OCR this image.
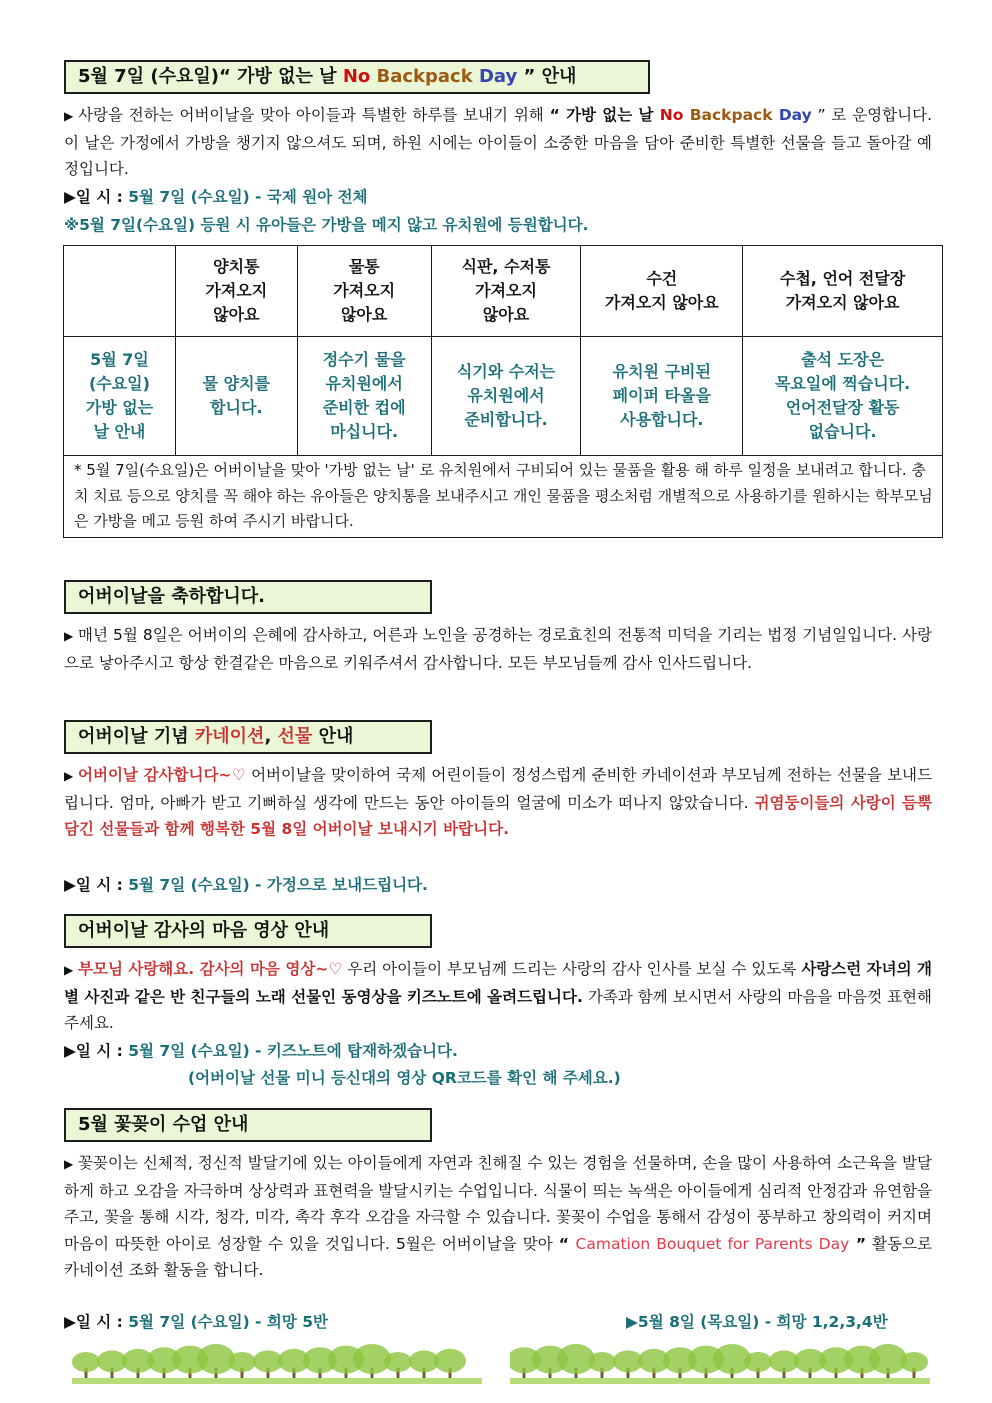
5월 7일 (수요일)“ 가방 없는 날 No Backpack Day ” 안내

▶ 사랑을 전하는 어버이날을 맞아 아이들과 특별한 하루를 보내기 위해 “ 가방 없는 날 No Backpack Day ” 로 운영합니다. 이 날은 가정에서 가방을 챙기지 않으셔도 되며, 하원 시에는 아이들이 소중한 마음을 담아 준비한 특별한 선물을 들고 돌아갈 예정입니다.

▶일 시 : 5월 7일 (수요일) - 국제 원아 전체
※5월 7일(수요일) 등원 시 유아들은 가방을 메지 않고 유치원에 등원합니다.
	양치통
가져오지
않아요	물통
가져오지
않아요	식판, 수저통
가져오지
않아요	수건
가져오지 않아요	수첩, 언어 전달장
가져오지 않아요
5월 7일
(수요일)
가방 없는
날 안내	물 양치를
합니다.	정수기 물을
유치원에서
준비한 컵에
마십니다.	식기와 수저는
유치원에서
준비합니다.	유치원 구비된
페이퍼 타올을
사용합니다.	출석 도장은
목요일에 찍습니다.
언어전달장 활동
없습니다.
* 5월 7일(수요일)은 어버이날을 맞아 '가방 없는 날' 로 유치원에서 구비되어 있는 물품을 활용 해 하루 일정을 보내려고 합니다. 충치 치료 등으로 양치를 꼭 해야 하는 유아들은 양치통을 보내주시고 개인 물품을 평소처럼 개별적으로 사용하기를 원하시는 학부모님은 가방을 메고 등원 하여 주시기 바랍니다.					
어버이날을 축하합니다.

▶ 매년 5월 8일은 어버이의 은혜에 감사하고, 어른과 노인을 공경하는 경로효친의 전통적 미덕을 기리는 법정 기념일입니다. 사랑으로 낳아주시고 항상 한결같은 마음으로 키워주셔서 감사합니다. 모든 부모님들께 감사 인사드립니다.

어버이날 기념 카네이션, 선물 안내

▶ 어버이날 감사합니다~♡ 어버이날을 맞이하여 국제 어린이들이 정성스럽게 준비한 카네이션과 부모님께 전하는 선물을 보내드립니다. 엄마, 아빠가 받고 기뻐하실 생각에 만드는 동안 아이들의 얼굴에 미소가 떠나지 않았습니다. 귀염둥이들의 사랑이 듬뿍 담긴 선물들과 함께 행복한 5월 8일 어버이날 보내시기 바랍니다.

▶일 시 : 5월 7일 (수요일) - 가정으로 보내드립니다.
어버이날 감사의 마음 영상 안내

▶ 부모님 사랑해요. 감사의 마음 영상~♡ 우리 아이들이 부모님께 드리는 사랑의 감사 인사를 보실 수 있도록 사랑스런 자녀의 개별 사진과 같은 반 친구들의 노래 선물인 동영상을 키즈노트에 올려드립니다. 가족과 함께 보시면서 사랑의 마음을 마음껏 표현해주세요.

▶일 시 : 5월 7일 (수요일) - 키즈노트에 탑재하겠습니다.
(어버이날 선물 미니 등신대의 영상 QR코드를 확인 해 주세요.)
5월 꽃꽂이 수업 안내

▶ 꽃꽂이는 신체적, 정신적 발달기에 있는 아이들에게 자연과 친해질 수 있는 경험을 선물하며, 손을 많이 사용하여 소근육을 발달하게 하고 오감을 자극하며 상상력과 표현력을 발달시키는 수업입니다. 식물이 띄는 녹색은 아이들에게 심리적 안정감과 유연함을 주고, 꽃을 통해 시각, 청각, 미각, 촉각 후각 오감을 자극할 수 있습니다. 꽃꽂이 수업을 통해서 감성이 풍부하고 창의력이 커지며 마음이 따뜻한 아이로 성장할 수 있을 것입니다. 5월은 어버이날을 맞아 “ Camation Bouquet for Parents Day ” 활동으로 카네이션 조화 활동을 합니다.

▶일 시 : 5월 7일 (수요일) - 희망 5반	▶5월 8일 (목요일) - 희망 1,2,3,4반
